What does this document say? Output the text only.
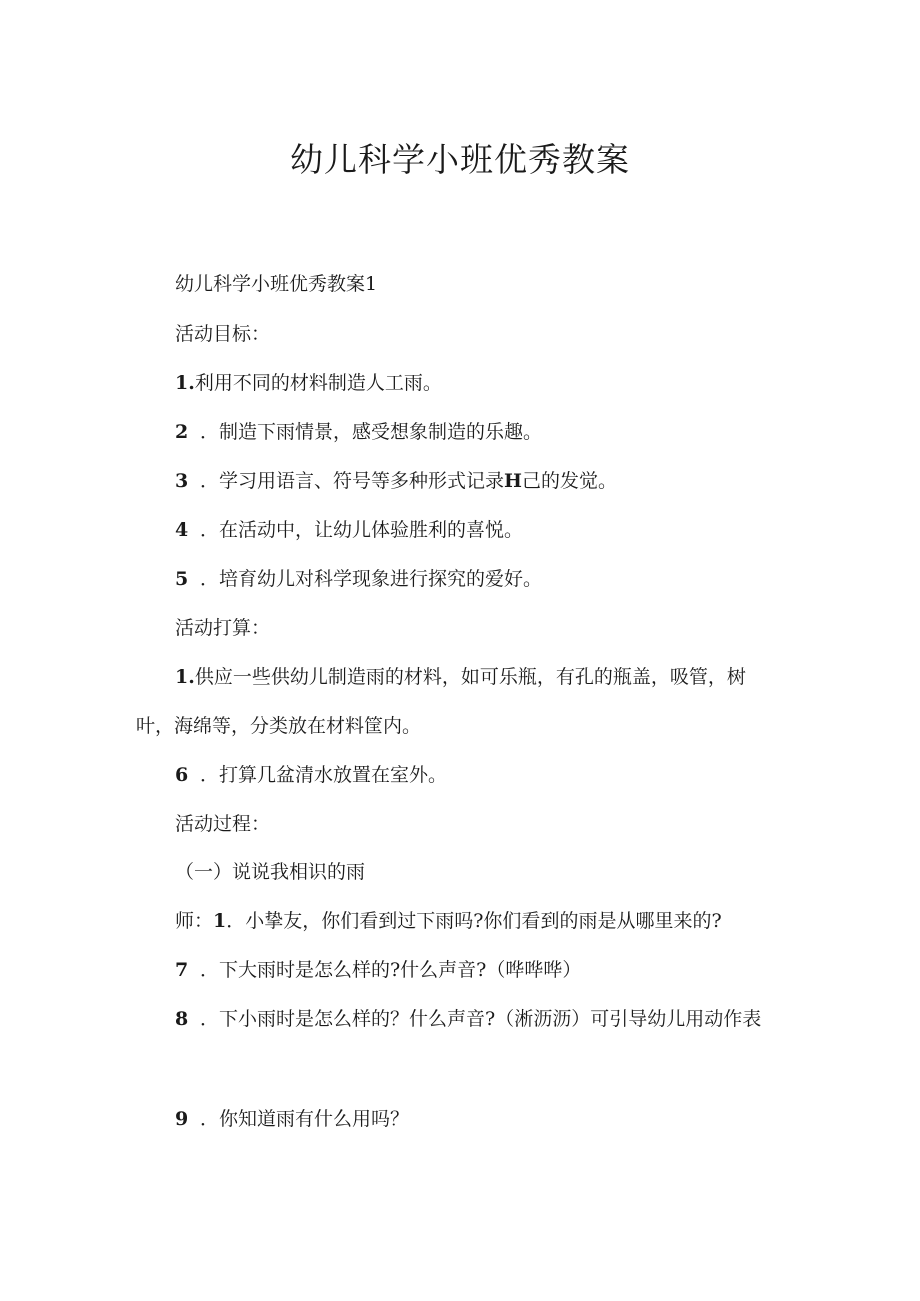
幼儿科学小班优秀教案

幼儿科学小班优秀教案1

活动目标：

1.利用不同的材料制造人工雨。

2 ．制造下雨情景，感受想象制造的乐趣。

3 ．学习用语言、符号等多种形式记录H己的发觉。

4 ．在活动中，让幼儿体验胜利的喜悦。

5 ．培育幼儿对科学现象进行探究的爱好。

活动打算：

1.供应一些供幼儿制造雨的材料，如可乐瓶，有孔的瓶盖，吸管，树

叶，海绵等，分类放在材料筐内。

6 ．打算几盆清水放置在室外。

活动过程：

（一）说说我相识的雨

师：1．小挚友，你们看到过下雨吗?你们看到的雨是从哪里来的?

7 ．下大雨时是怎么样的?什么声音?（哗哗哗）

8 ．下小雨时是怎么样的？什么声音?（淅沥沥）可引导幼儿用动作表

9 ．你知道雨有什么用吗？
